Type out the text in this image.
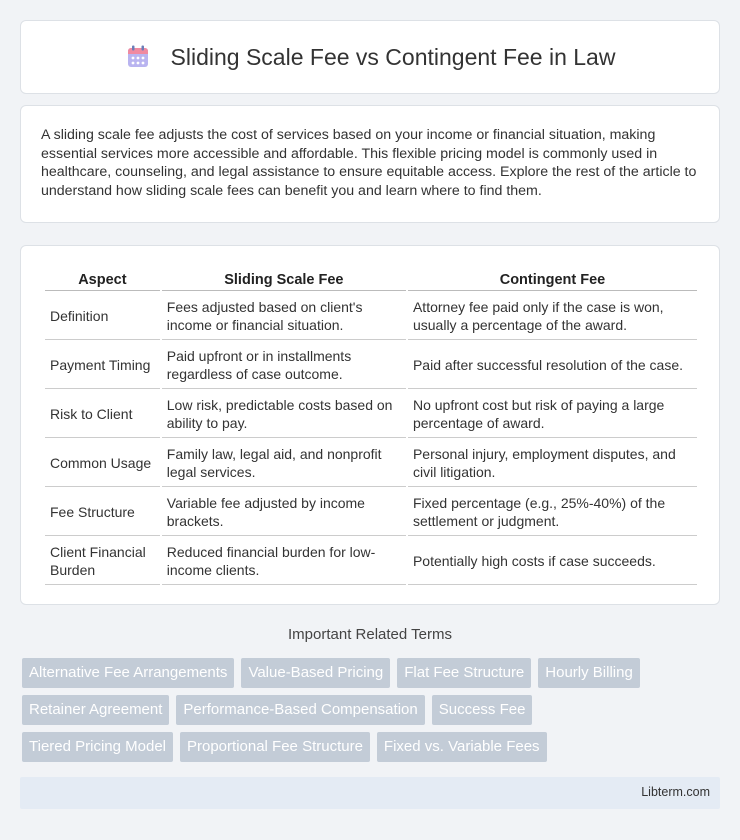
Sliding Scale Fee vs Contingent Fee in Law

A sliding scale fee adjusts the cost of services based on your income or financial situation, making essential services more accessible and affordable. This flexible pricing model is commonly used in healthcare, counseling, and legal assistance to ensure equitable access. Explore the rest of the article to understand how sliding scale fees can benefit you and learn where to find them.

Aspect	Sliding Scale Fee	Contingent Fee
Definition	Fees adjusted based on client's income or financial situation.	Attorney fee paid only if the case is won, usually a percentage of the award.
Payment Timing	Paid upfront or in installments regardless of case outcome.	Paid after successful resolution of the case.
Risk to Client	Low risk, predictable costs based on ability to pay.	No upfront cost but risk of paying a large percentage of award.
Common Usage	Family law, legal aid, and nonprofit legal services.	Personal injury, employment disputes, and civil litigation.
Fee Structure	Variable fee adjusted by income brackets.	Fixed percentage (e.g., 25%-40%) of the settlement or judgment.
Client Financial Burden	Reduced financial burden for low-income clients.	Potentially high costs if case succeeds.
Important Related Terms
Alternative Fee Arrangements	Value-Based Pricing	Flat Fee Structure	Hourly Billing
Retainer Agreement	Performance-Based Compensation	Success Fee
Tiered Pricing Model	Proportional Fee Structure	Fixed vs. Variable Fees
Libterm.com
